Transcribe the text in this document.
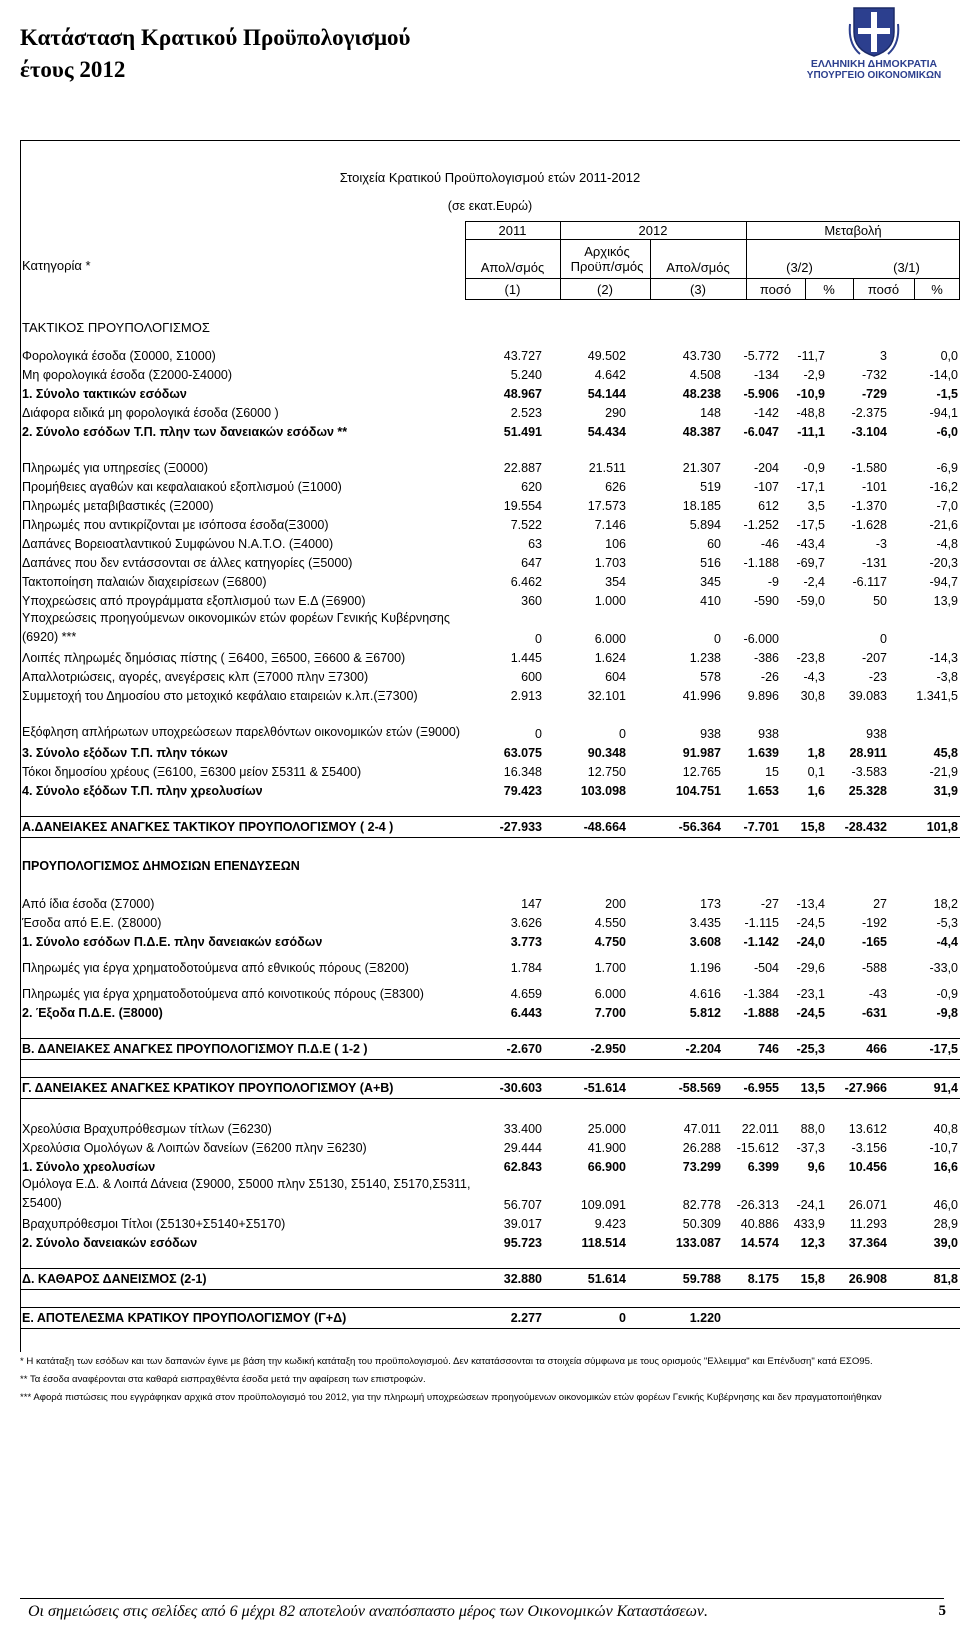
Κατάσταση Κρατικού Προϋπολογισμού
έτους 2012	ΕΛΛΗΝΙΚΗ ΔΗΜΟΚΡΑΤΙΑ
ΥΠΟΥΡΓΕΙΟ ΟΙΚΟΝΟΜΙΚΩΝ
Στοιχεία Κρατικού Προϋπολογισμού ετών 2011-2012
(σε εκατ.Ευρώ)
Κατηγορία *
2011	2012	Μεταβολή
Απολ/σμός
Αρχικός Προϋπ/σμός	Απολ/σμός	(3/2)	(3/1)
(1)	(2)	(3)	ποσό	%	ποσό	%
ΤΑΚΤΙΚΟΣ ΠΡΟΥΠΟΛΟΓΙΣΜΟΣ
Φορολογικά έσοδα (Σ0000, Σ1000)	43.727	49.502	43.730	-5.772	-11,7	3	0,0
Μη φορολογικά έσοδα (Σ2000-Σ4000)	5.240	4.642	4.508	-134	-2,9	-732	-14,0
1. Σύνολο τακτικών εσόδων	48.967	54.144	48.238	-5.906	-10,9	-729	-1,5
Διάφορα ειδικά μη φορολογικά έσοδα (Σ6000 )	2.523	290	148	-142	-48,8	-2.375	-94,1
2. Σύνολο εσόδων Τ.Π. πλην των δανειακών εσόδων **	51.491	54.434	48.387	-6.047	-11,1	-3.104	-6,0

Πληρωμές για υπηρεσίες (Ξ0000)	22.887	21.511	21.307	-204	-0,9	-1.580	-6,9
Προμήθειες αγαθών και κεφαλαιακού εξοπλισμού (Ξ1000)	620	626	519	-107	-17,1	-101	-16,2
Πληρωμές μεταβιβαστικές (Ξ2000)	19.554	17.573	18.185	612	3,5	-1.370	-7,0
Πληρωμές που αντικρίζονται με ισόποσα έσοδα(Ξ3000)	7.522	7.146	5.894	-1.252	-17,5	-1.628	-21,6
Δαπάνες Βορειοατλαντικού Συμφώνου Ν.Α.Τ.Ο. (Ξ4000)	63	106	60	-46	-43,4	-3	-4,8
Δαπάνες που δεν εντάσσονται σε άλλες κατηγορίες (Ξ5000)	647	1.703	516	-1.188	-69,7	-131	-20,3
Τακτοποίηση παλαιών διαχειρίσεων (Ξ6800)	6.462	354	345	-9	-2,4	-6.117	-94,7
Υποχρεώσεις από προγράμματα εξοπλισμού των Ε.Δ (Ξ6900)	360	1.000	410	-590	-59,0	50	13,9
Υποχρεώσεις προηγούμενων οικονομικών ετών φορέων Γενικής Κυβέρνησης (6920) ***	0	6.000	0	-6.000		0	
Λοιπές πληρωμές δημόσιας πίστης ( Ξ6400, Ξ6500, Ξ6600 & Ξ6700)	1.445	1.624	1.238	-386	-23,8	-207	-14,3
Απαλλοτριώσεις, αγορές, ανεγέρσεις κλπ (Ξ7000 πλην Ξ7300)	600	604	578	-26	-4,3	-23	-3,8
Συμμετοχή του Δημοσίου στο μετοχικό κεφάλαιο εταιρειών κ.λπ.(Ξ7300)	2.913	32.101	41.996	9.896	30,8	39.083	1.341,5
Εξόφληση απλήρωτων υποχρεώσεων παρελθόντων οικονομικών ετών (Ξ9000)	0	0	938	938		938	
3. Σύνολο εξόδων Τ.Π. πλην τόκων	63.075	90.348	91.987	1.639	1,8	28.911	45,8
Τόκοι δημοσίου χρέους (Ξ6100, Ξ6300 μείον Σ5311 & Σ5400)	16.348	12.750	12.765	15	0,1	-3.583	-21,9
4. Σύνολο εξόδων Τ.Π. πλην χρεολυσίων	79.423	103.098	104.751	1.653	1,6	25.328	31,9

Α.ΔΑΝΕΙΑΚΕΣ ΑΝΑΓΚΕΣ ΤΑΚΤΙΚΟΥ ΠΡΟΥΠΟΛΟΓΙΣΜΟΥ ( 2-4 )	-27.933	-48.664	-56.364	-7.701	15,8	-28.432	101,8

ΠΡΟΥΠΟΛΟΓΙΣΜΟΣ ΔΗΜΟΣΙΩΝ ΕΠΕΝΔΥΣΕΩΝ							

Από ίδια έσοδα (Σ7000)	147	200	173	-27	-13,4	27	18,2
Έσοδα από Ε.Ε. (Σ8000)	3.626	4.550	3.435	-1.115	-24,5	-192	-5,3
1. Σύνολο εσόδων Π.Δ.Ε. πλην δανειακών εσόδων	3.773	4.750	3.608	-1.142	-24,0	-165	-4,4
Πληρωμές για έργα χρηματοδοτούμενα από εθνικούς πόρους (Ξ8200)	1.784	1.700	1.196	-504	-29,6	-588	-33,0
Πληρωμές για έργα χρηματοδοτούμενα από κοινοτικούς πόρους (Ξ8300)	4.659	6.000	4.616	-1.384	-23,1	-43	-0,9
2. Έξοδα Π.Δ.Ε. (Ξ8000)	6.443	7.700	5.812	-1.888	-24,5	-631	-9,8

Β. ΔΑΝΕΙΑΚΕΣ ΑΝΑΓΚΕΣ ΠΡΟΥΠΟΛΟΓΙΣΜΟΥ Π.Δ.Ε ( 1-2 )	-2.670	-2.950	-2.204	746	-25,3	466	-17,5

Γ. ΔΑΝΕΙΑΚΕΣ ΑΝΑΓΚΕΣ ΚΡΑΤΙΚΟΥ ΠΡΟΥΠΟΛΟΓΙΣΜΟΥ (Α+Β)	-30.603	-51.614	-58.569	-6.955	13,5	-27.966	91,4

Χρεολύσια Βραχυπρόθεσμων τίτλων (Ξ6230)	33.400	25.000	47.011	22.011	88,0	13.612	40,8
Χρεολύσια Ομολόγων & Λοιπών δανείων (Ξ6200 πλην Ξ6230)	29.444	41.900	26.288	-15.612	-37,3	-3.156	-10,7
1. Σύνολο χρεολυσίων	62.843	66.900	73.299	6.399	9,6	10.456	16,6
Ομόλογα Ε.Δ. & Λοιπά Δάνεια (Σ9000, Σ5000 πλην Σ5130, Σ5140, Σ5170,Σ5311, Σ5400)	56.707	109.091	82.778	-26.313	-24,1	26.071	46,0
Βραχυπρόθεσμοι Τίτλοι (Σ5130+Σ5140+Σ5170)	39.017	9.423	50.309	40.886	433,9	11.293	28,9
2. Σύνολο δανειακών εσόδων	95.723	118.514	133.087	14.574	12,3	37.364	39,0

Δ. ΚΑΘΑΡΟΣ ΔΑΝΕΙΣΜΟΣ (2-1)	32.880	51.614	59.788	8.175	15,8	26.908	81,8

Ε. ΑΠΟΤΕΛΕΣΜΑ ΚΡΑΤΙΚΟΥ ΠΡΟΥΠΟΛΟΓΙΣΜΟΥ (Γ+Δ)	2.277	0	1.220				
* Η κατάταξη των εσόδων και των δαπανών έγινε με βάση την κωδική κατάταξη του προϋπολογισμού. Δεν κατατάσσονται τα στοιχεία σύμφωνα με τους ορισμούς "Ελλειμμα" και Επένδυση" κατά ΕΣΟ95.
** Τα έσοδα αναφέρονται στα καθαρά εισπραχθέντα έσοδα μετά την αφαίρεση των επιστροφών.
*** Αφορά πιστώσεις που εγγράφηκαν αρχικά στον προϋπολογισμό του 2012, για την πληρωμή υποχρεώσεων προηγούμενων οικονομικών ετών φορέων Γενικής Κυβέρνησης και δεν πραγματοποιήθηκαν
Οι σημειώσεις στις σελίδες από 6 μέχρι 82 αποτελούν αναπόσπαστο μέρος των Οικονομικών Καταστάσεων.	5
